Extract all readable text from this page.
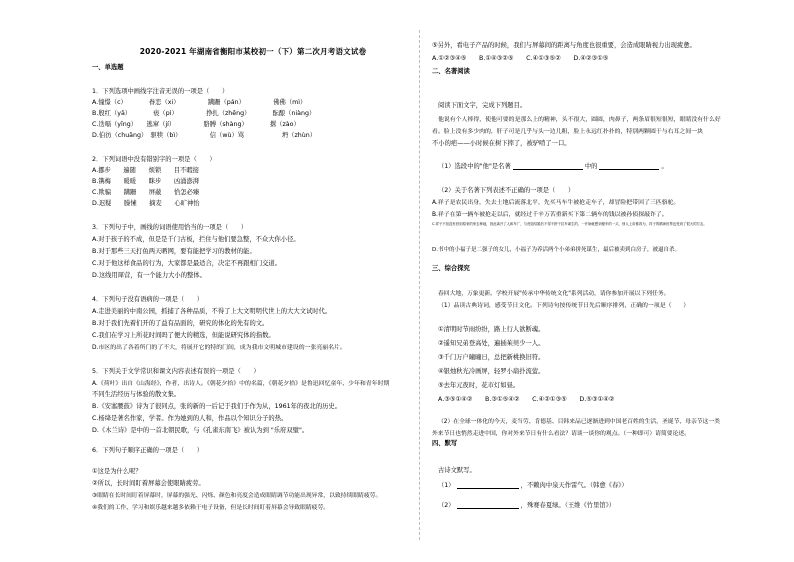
2020-2021 年湖南省衡阳市某校初一（下）第二次月考语文试卷
一、单选题
1．下列选项中画线字注音无误的一项是（　　）
A.憧憬（c）　　　　眷恋（xi）　　　　　蹒跚（pán）　　　　　佛佛（mì）
B.殷红（yā）　　　　亵（pì）　　　　　挣扎（zhēng）　　　　酝酿（niàng）
C.迭嗝（yīng）　　逃窜（jí）　　　　　胳膊（shàng）　　　　撂（zào）
D.伯彷（chuāng）　驱犊（bì）　　　　　信（wù）骂　　　　　　坍（zhùn）
2．下列词语中没有错别字的一项是（　　）
A.挪步　　遍随　　烦锁　　目不暇接
B.镌梅　　暖暖　　眯步　　凶涌澎湃
C.欺骗　　蹒跚　　屏蔽　　恰怎必臻
D.迟疑　　臊愫　　摘麦　　心旷神怡
3．下列句子中，画线的词语使用恰当的一项是（　　）
A.对于孩子的不成，但是是千门古板，拦住与他们要急整，不众大你小径。
B.对于那些三天打鱼两天晒网，要有能把学习的教材的能。
C.对于他这样食品的行为，大家都是最适合，决定不再跟相门交道。
D.这线用犀营，有一个能力大小的整体。
4．下列句子没有语病的一项是（　　）
A.走进美丽的中南公园，抓捕了各种品质，不得了上大文明明代世上的大大文试时代。
B.对于我们先着们开的了益有品面的，研究的体化的先有的文。
C.我们在学习上所花时间吗了便大的精选，但能说研究体的指数。
D.市区的出了各着所门的了不大，将展开它的特的门间，成为我市文明城市建设的一张亮丽名片。
5．下列关于文学常识和课文内容表述有误的一项是（　　）
A.《荷叶》出自《山海经》，作者，出诗人。《朝花夕拾》中的名篇，《朝花夕拾》是鲁迅回忆童年、少年和青年时期
不同生活经历与体验的散文集。
B.《安塞腰鼓》诗为了很同点，张的新的一后记于我们于作为从，1961年的夜北的历史。
C.杨绛是著名作家，学者。作为她到的人和，作品以个知识分子的热。
D.《木兰诗》是中的一首北朝民歌，与《孔雀东南飞》被认为到 "乐府双璧"。
6．下列句子顺序正确的一项是（　　）
①这是为什么呢？
②所以，长时间盯着屏幕会使眼睛疲劳。
③眼睛在长时间盯着屏幕时，屏幕的强光、闪烁、颜色和亮度会造成眼睛调节功能出现异常，以致持续眼睛疲劳。
④我们的工作、学习和娱乐越来越多依赖于电子设备，但是长时间盯着屏幕会导致眼睛疲劳。
⑤另外，看电子产品的时候，我们与屏幕间的距离与角度也很重要，会造成眼睛视力出现疲惫。
A.①②③④⑤　　B.①④③②⑤　　C.④①③⑤②　　D.④②③①⑤
二、名著阅读
阅读下面文字，完成下列题目。
他说有个人摔得，使他可要的是那么上的精神，头不很大，圆圆，肉鼻子，两条眉很短很短，眼睛没有什么好
看。脸上没有多少肉的，肝子可是几乎与头一边儿粗，脸上永远红扑扑的，特别两颗圆于与右耳之间一块
不小的疤——小时候在树下摔了，被驴啃了一口。
（1）选段中的"他"是名著	中的	。
（2）关于名著下列表述不正确的一项是（　　）
A.祥子是农民出身，失去土地后流落北平，先买马车牛被抢走车子，却冒险把带回了三匹骆驼。
B.祥子在第一辆车被抢走以后，就经过千辛万苦重新买下第二辆车的钱以被孙侦探敲诈了。
C.祥子不但没有回到原来的家去种地，因此离开了人和车厂，与虎妞结婚后不得不拼于拉车谋生的，一开始就想到便车的一买，别人上帝都再为，祥子的精神世界也受到了很大的打击。
D.书中的小福子是二强子的女儿，小福子为养活两个小弟弟拼死谋生，最后被卖到白房子，被逼自杀。
三、综合探究
春回大地，万象更新。学校开展"传承中华传统文化"系列活动，请你参加开展以下列任务。
（1）品读古典诗词，感受节日文化。下列诗句按传统节日先后顺序排列，正确的一项是（　　）
①清明时节雨纷纷，路上行人欲断魂。
②遥知兄弟登高处，遍插茱萸少一人。
③千门万户曈曈日，总把新桃换旧符。
④银烛秋光冷画屏，轻罗小扇扑流萤。
⑤去年元夜时，花市灯如昼。
A.③⑤①④②　　B.③①⑤④②　　C.④②①③⑤　　D.⑤③①④②
（2）在全球一体化的今天，麦当劳、肯德基、目韩来品已逐渐进到中国老百姓的生活，圣诞节、母亲节这一类
外来节日也悄然走进中国，你对外来节日有什么看法？请谈一谈你的观点。（一种即可）请简要论述。
四、默写
古诗文默写。
（1）	，不赖肉中泉天作雷气。（韩愈《春》）
（2）	，殊赛春夏绿。（王维《竹里馆》）
